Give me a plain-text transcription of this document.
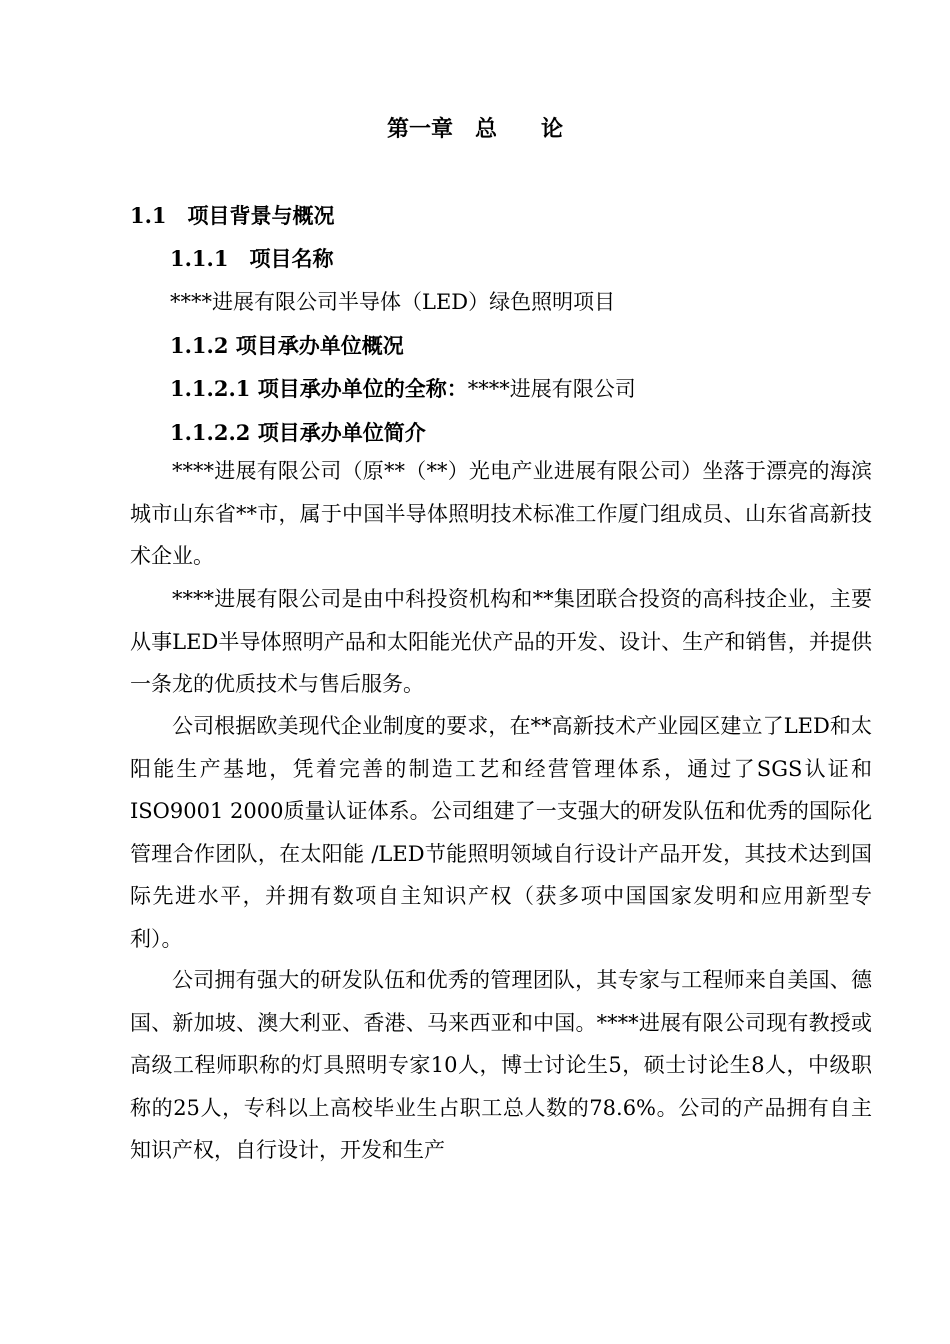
第一章　总　　论
1.1　项目背景与概况
1.1.1　项目名称
****进展有限公司半导体（LED）绿色照明项目
1.1.2 项目承办单位概况
1.1.2.1 项目承办单位的全称：****进展有限公司
1.1.2.2 项目承办单位简介

****进展有限公司（原**（**）光电产业进展有限公司）坐落于漂亮的海滨城市山东省**市，属于中国半导体照明技术标准工作厦门组成员、山东省高新技术企业。

****进展有限公司是由中科投资机构和**集团联合投资的高科技企业，主要从事LED半导体照明产品和太阳能光伏产品的开发、设计、生产和销售，并提供一条龙的优质技术与售后服务。

公司根据欧美现代企业制度的要求，在**高新技术产业园区建立了LED和太阳能生产基地，凭着完善的制造工艺和经营管理体系，通过了SGS认证和ISO9001 2000质量认证体系。公司组建了一支强大的研发队伍和优秀的国际化管理合作团队，在太阳能 /LED节能照明领域自行设计产品开发，其技术达到国际先进水平，并拥有数项自主知识产权（获多项中国国家发明和应用新型专利）。

公司拥有强大的研发队伍和优秀的管理团队，其专家与工程师来自美国、德国、新加坡、澳大利亚、香港、马来西亚和中国。****进展有限公司现有教授或高级工程师职称的灯具照明专家10人，博士讨论生5，硕士讨论生8人，中级职称的25人，专科以上高校毕业生占职工总人数的78.6%。公司的产品拥有自主知识产权，自行设计，开发和生产
